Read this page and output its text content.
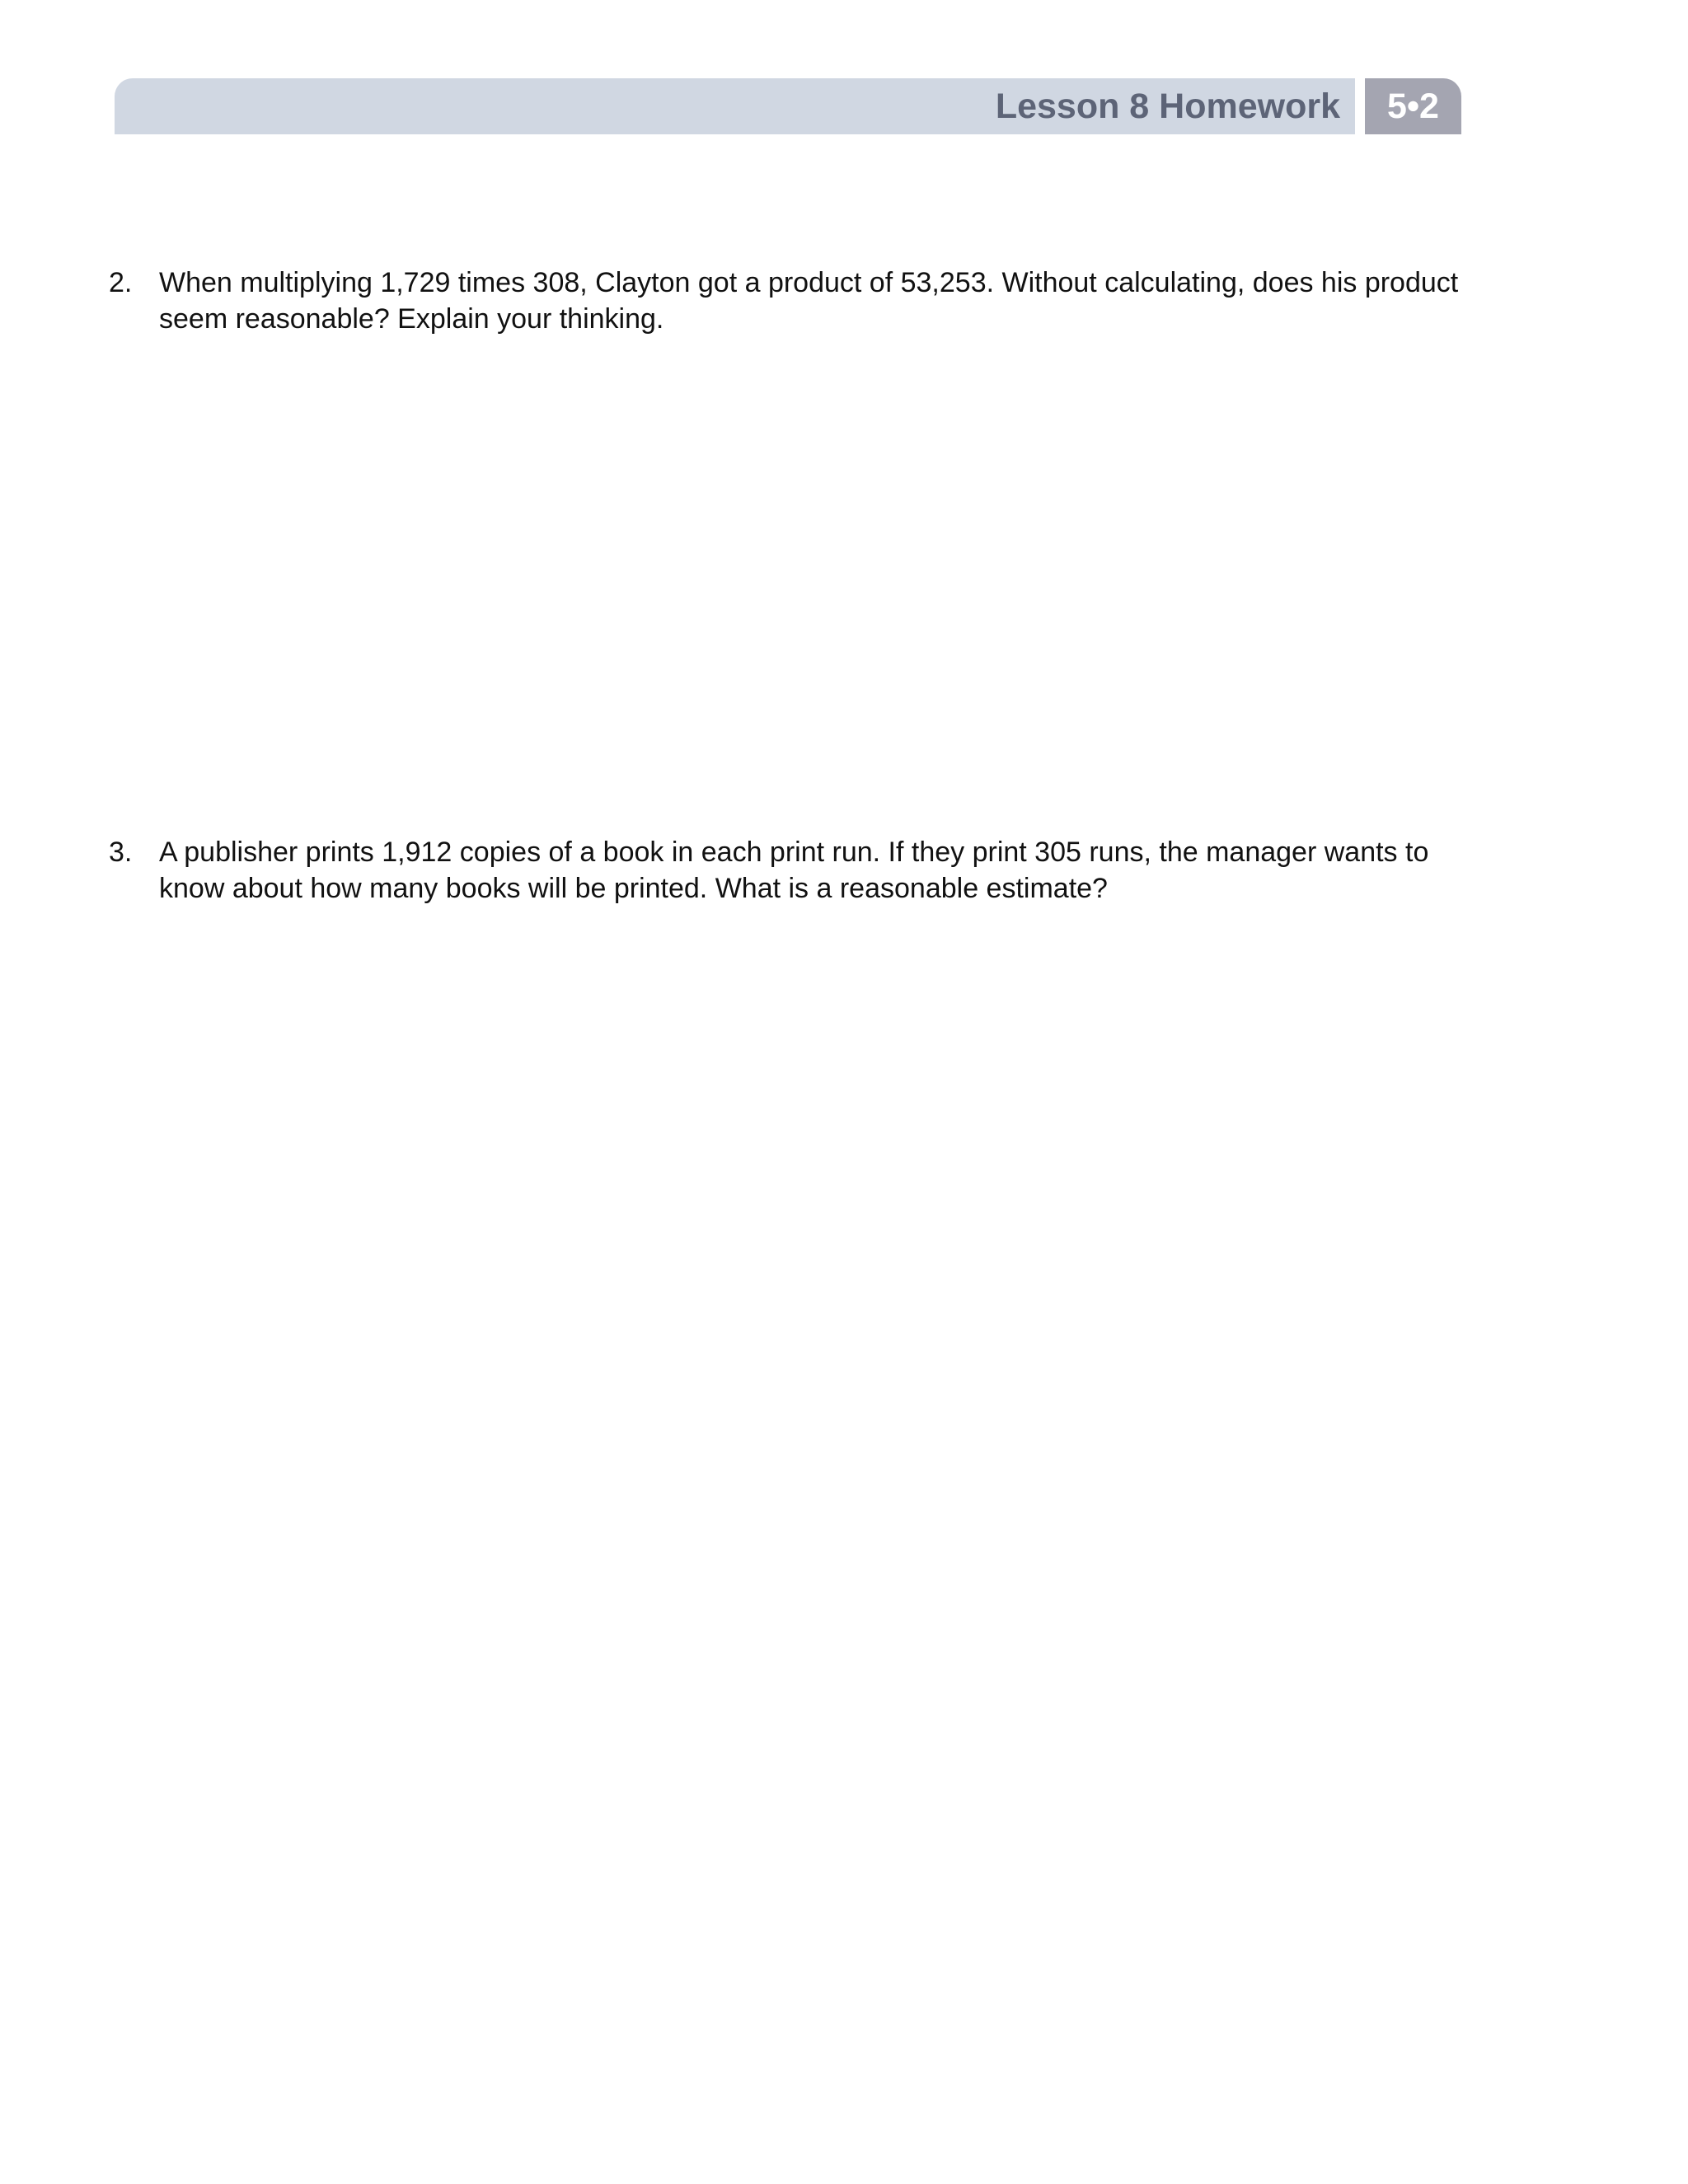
Lesson 8 Homework	5•2
2. When multiplying 1,729 times 308, Clayton got a product of 53,253. Without calculating, does his product seem reasonable? Explain your thinking.
3. A publisher prints 1,912 copies of a book in each print run. If they print 305 runs, the manager wants to know about how many books will be printed. What is a reasonable estimate?
